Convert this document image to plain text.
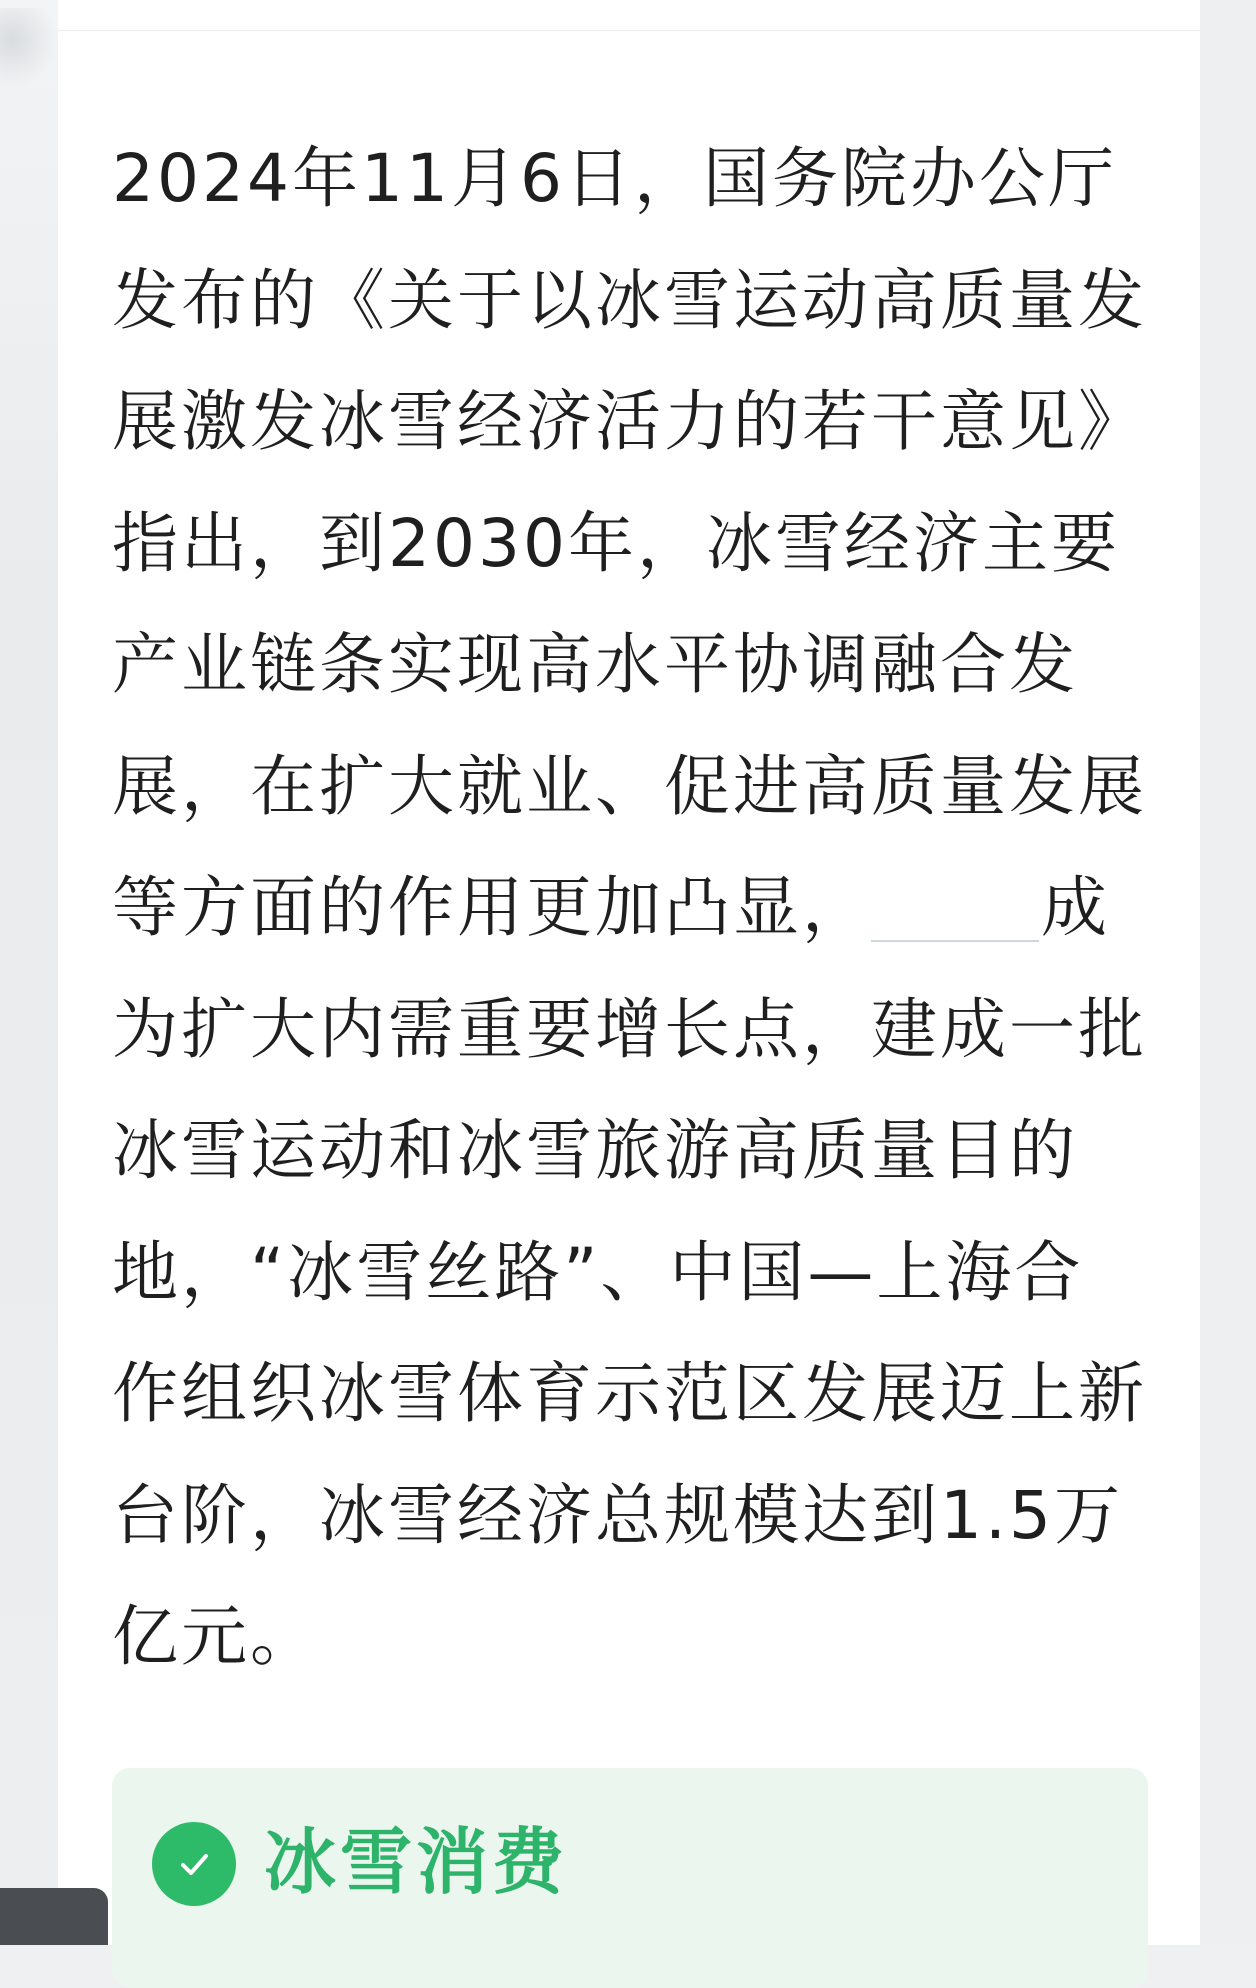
2024年11月6日，国务院办公厅发布的《关于以冰雪运动高质量发展激发冰雪经济活力的若干意见》指出，到2030年，冰雪经济主要产业链条实现高水平协调融合发展，在扩大就业、促进高质量发展等方面的作用更加凸显，	成为扩大内需重要增长点，建成一批冰雪运动和冰雪旅游高质量目的地，“冰雪丝路”、中国—上海合作组织冰雪体育示范区发展迈上新台阶，冰雪经济总规模达到1.5万亿元。

冰雪消费
